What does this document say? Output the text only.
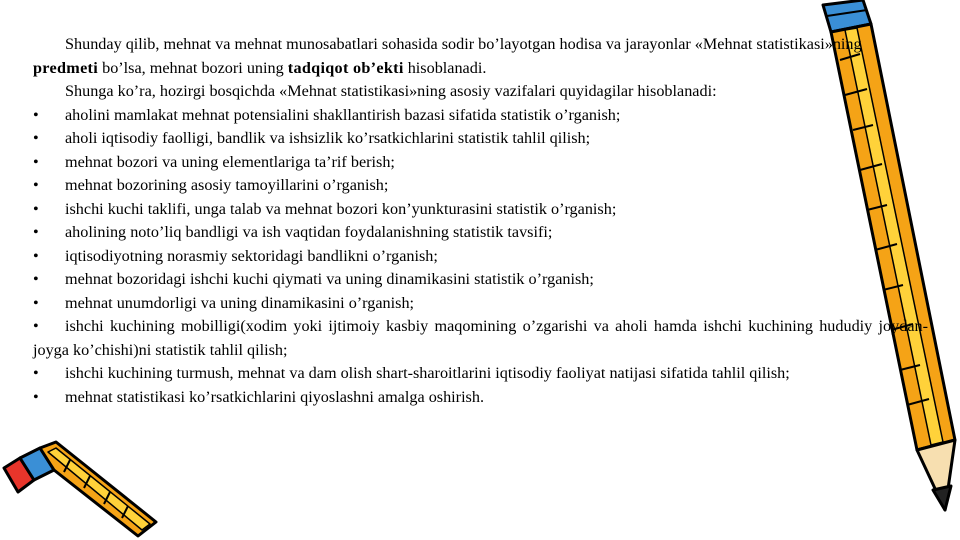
Shunday qilib, mehnat va mehnat munosabatlari sohasida sodir bo’layotgan hodisa va jarayonlar «Mehnat statistikasi»ning predmeti bo’lsa, mehnat bozori uning tadqiqot ob’ekti hisoblanadi.

Shunga ko’ra, hozirgi bosqichda «Mehnat statistikasi»ning asosiy vazifalari quyidagilar hisoblanadi:

• aholini mamlakat mehnat potensialini shakllantirish bazasi sifatida statistik o’rganish;

• aholi iqtisodiy faolligi, bandlik va ishsizlik ko’rsatkichlarini statistik tahlil qilish;

• mehnat bozori va uning elementlariga ta’rif berish;

• mehnat bozorining asosiy tamoyillarini o’rganish;

• ishchi kuchi taklifi, unga talab va mehnat bozori kon’yunkturasini statistik o’rganish;

• aholining noto’liq bandligi va ish vaqtidan foydalanishning statistik tavsifi;

• iqtisodiyotning norasmiy sektoridagi bandlikni o’rganish;

• mehnat bozoridagi ishchi kuchi qiymati va uning dinamikasini statistik o’rganish;

• mehnat unumdorligi va uning dinamikasini o’rganish;

• ishchi kuchining mobilligi(xodim yoki ijtimoiy kasbiy maqomining o’zgarishi va aholi hamda ishchi kuchining hududiy joydan-joyga ko’chishi)ni statistik tahlil qilish;

• ishchi kuchining turmush, mehnat va dam olish shart-sharoitlarini iqtisodiy faoliyat natijasi sifatida tahlil qilish;

• mehnat statistikasi ko’rsatkichlarini qiyoslashni amalga oshirish.
